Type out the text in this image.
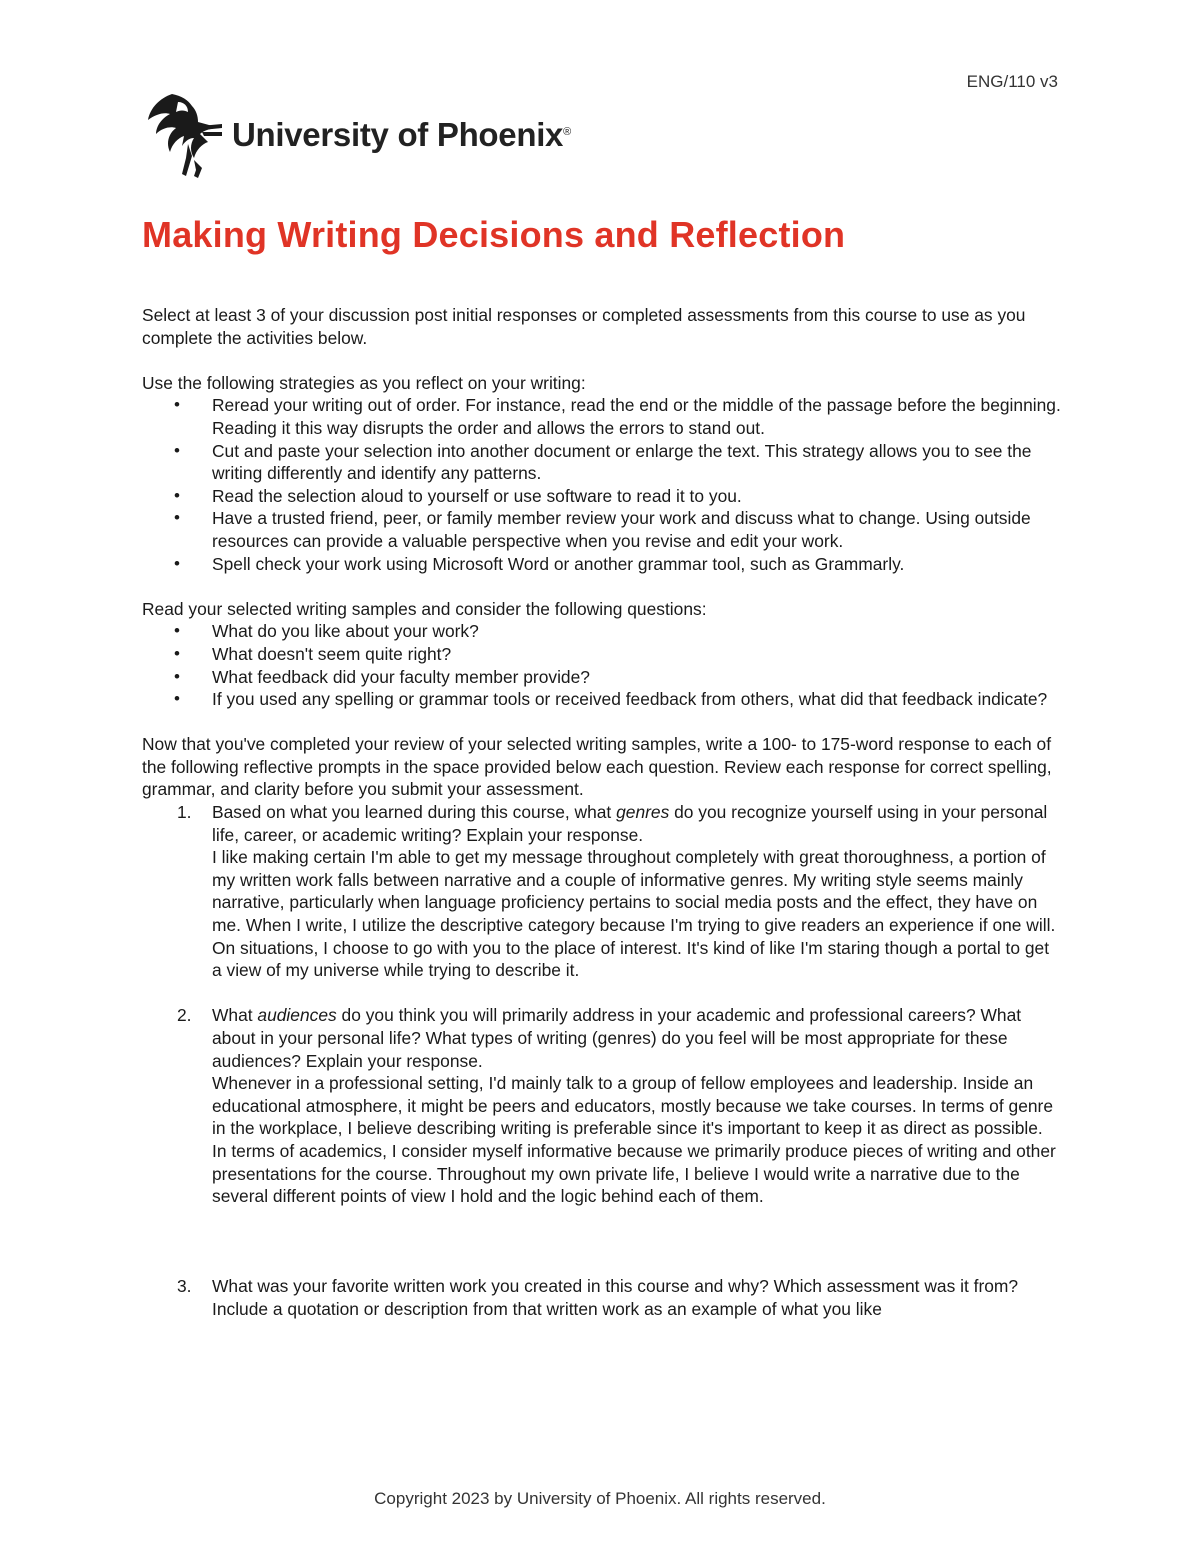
ENG/110 v3
University of Phoenix®
Making Writing Decisions and Reflection

Select at least 3 of your discussion post initial responses or completed assessments from this course to use as you complete the activities below.

Use the following strategies as you reflect on your writing:

• Reread your writing out of order. For instance, read the end or the middle of the passage before the beginning. Reading it this way disrupts the order and allows the errors to stand out.
• Cut and paste your selection into another document or enlarge the text. This strategy allows you to see the writing differently and identify any patterns.
• Read the selection aloud to yourself or use software to read it to you.
• Have a trusted friend, peer, or family member review your work and discuss what to change. Using outside resources can provide a valuable perspective when you revise and edit your work.
• Spell check your work using Microsoft Word or another grammar tool, such as Grammarly.

Read your selected writing samples and consider the following questions:

• What do you like about your work?
• What doesn't seem quite right?
• What feedback did your faculty member provide?
• If you used any spelling or grammar tools or received feedback from others, what did that feedback indicate?

Now that you've completed your review of your selected writing samples, write a 100- to 175-word response to each of the following reflective prompts in the space provided below each question. Review each response for correct spelling, grammar, and clarity before you submit your assessment.

1. Based on what you learned during this course, what genres do you recognize yourself using in your personal life, career, or academic writing? Explain your response.
I like making certain I'm able to get my message throughout completely with great thoroughness, a portion of my written work falls between narrative and a couple of informative genres. My writing style seems mainly narrative, particularly when language proficiency pertains to social media posts and the effect, they have on me. When I write, I utilize the descriptive category because I'm trying to give readers an experience if one will. On situations, I choose to go with you to the place of interest. It's kind of like I'm staring though a portal to get a view of my universe while trying to describe it.
2. What audiences do you think you will primarily address in your academic and professional careers? What about in your personal life? What types of writing (genres) do you feel will be most appropriate for these audiences? Explain your response.
Whenever in a professional setting, I'd mainly talk to a group of fellow employees and leadership. Inside an educational atmosphere, it might be peers and educators, mostly because we take courses. In terms of genre in the workplace, I believe describing writing is preferable since it's important to keep it as direct as possible. In terms of academics, I consider myself informative because we primarily produce pieces of writing and other presentations for the course. Throughout my own private life, I believe I would write a narrative due to the several different points of view I hold and the logic behind each of them.
3. What was your favorite written work you created in this course and why? Which assessment was it from? Include a quotation or description from that written work as an example of what you like
Copyright 2023 by University of Phoenix. All rights reserved.
